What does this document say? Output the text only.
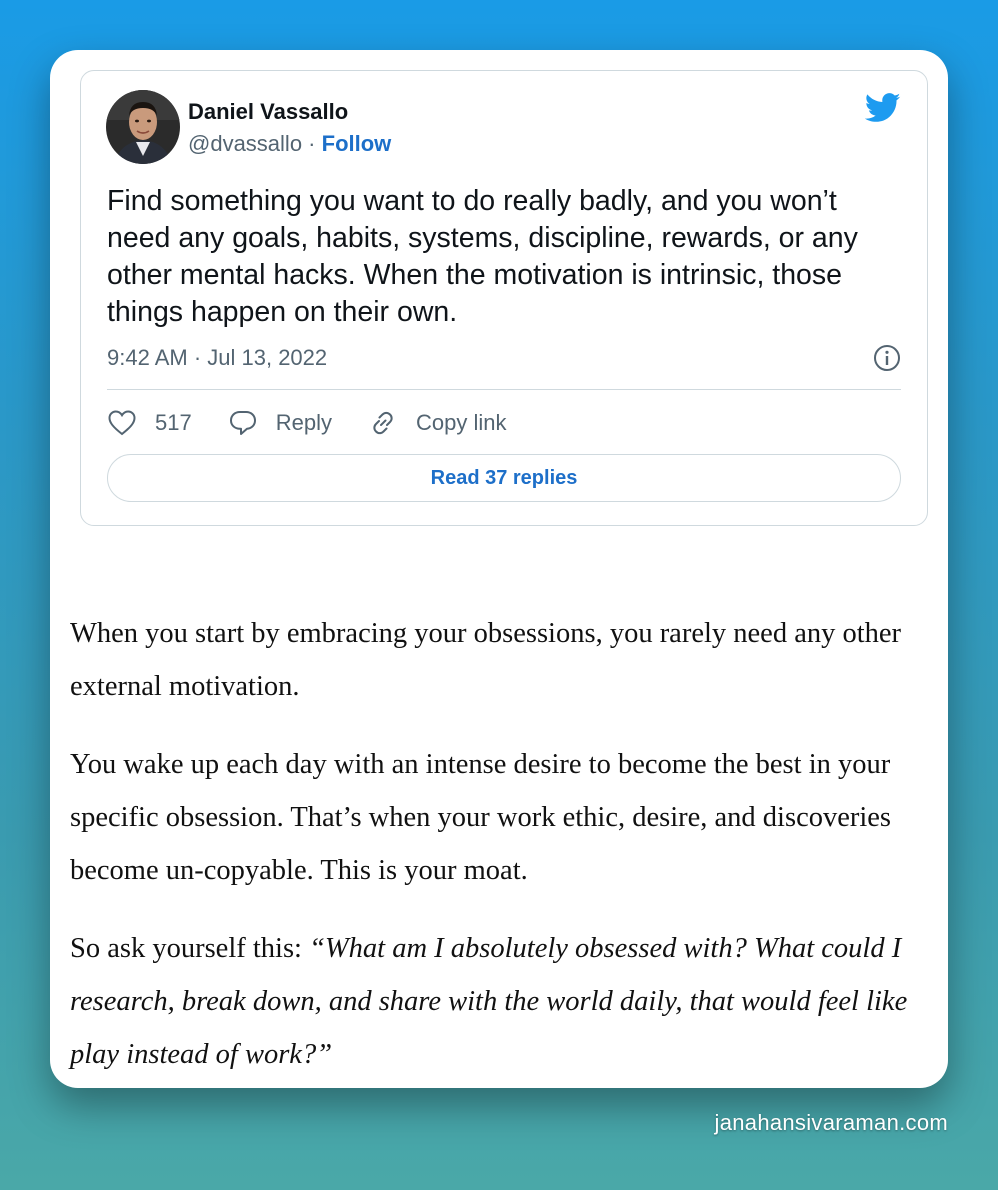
Daniel Vassallo
@dvassallo · Follow
Find something you want to do really badly, and you won’t need any goals, habits, systems, discipline, rewards, or any other mental hacks. When the motivation is intrinsic, those things happen on their own.
9:42 AM · Jul 13, 2022
517	Reply	Copy link
Read 37 replies

When you start by embracing your obsessions, you rarely need any other external motivation.

You wake up each day with an intense desire to become the best in your specific obsession. That’s when your work ethic, desire, and discoveries become un-copyable. This is your moat.

So ask yourself this: “What am I absolutely obsessed with? What could I research, break down, and share with the world daily, that would feel like play instead of work?”

janahansivaraman.com
